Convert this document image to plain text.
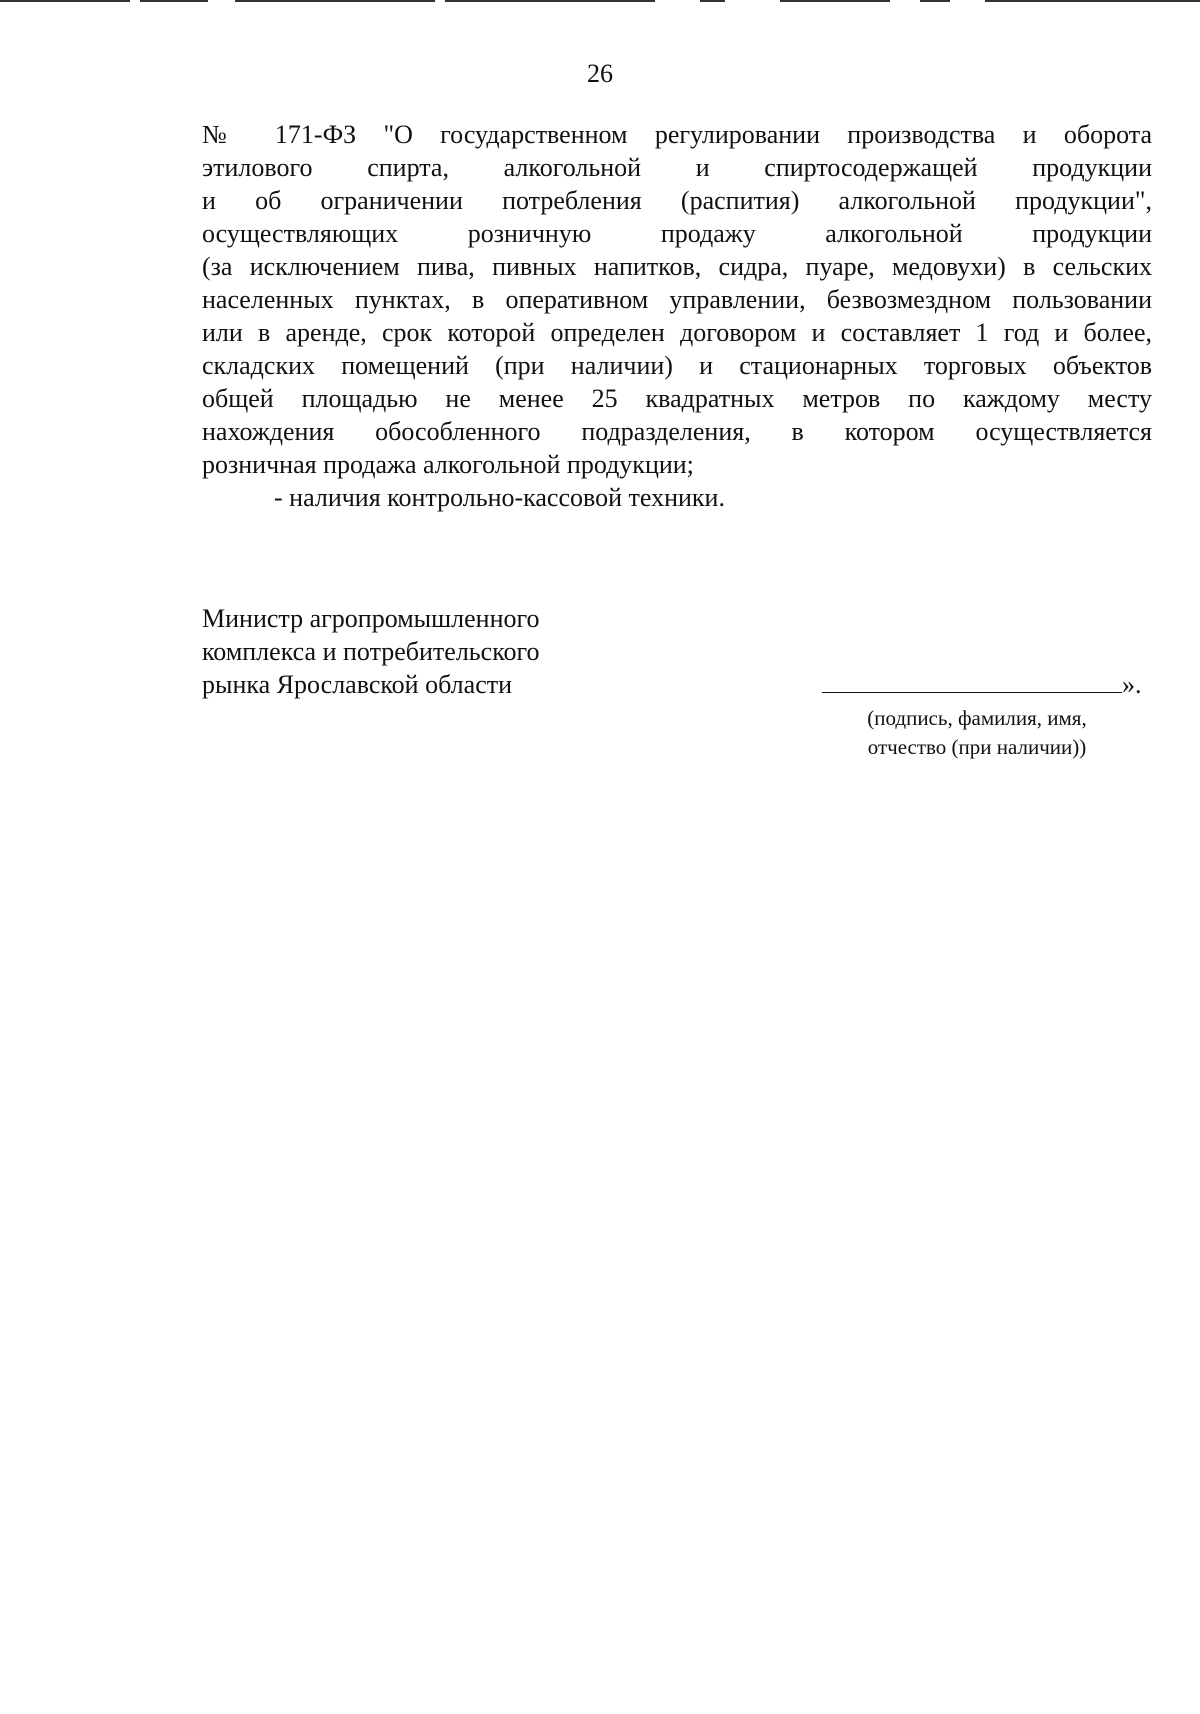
26
№ 171-ФЗ "О государственном регулировании производства и оборота
этилового спирта, алкогольной и спиртосодержащей продукции
и об ограничении потребления (распития) алкогольной продукции",
осуществляющих розничную продажу алкогольной продукции
(за исключением пива, пивных напитков, сидра, пуаре, медовухи) в сельских
населенных пунктах, в оперативном управлении, безвозмездном пользовании
или в аренде, срок которой определен договором и составляет 1 год и более,
складских помещений (при наличии) и стационарных торговых объектов
общей площадью не менее 25 квадратных метров по каждому месту
нахождения обособленного подразделения, в котором осуществляется
розничная продажа алкогольной продукции;
- наличия контрольно-кассовой техники.
Министр агропромышленного
комплекса и потребительского
рынка Ярославской области	».
(подпись, фамилия, имя,
отчество (при наличии))
